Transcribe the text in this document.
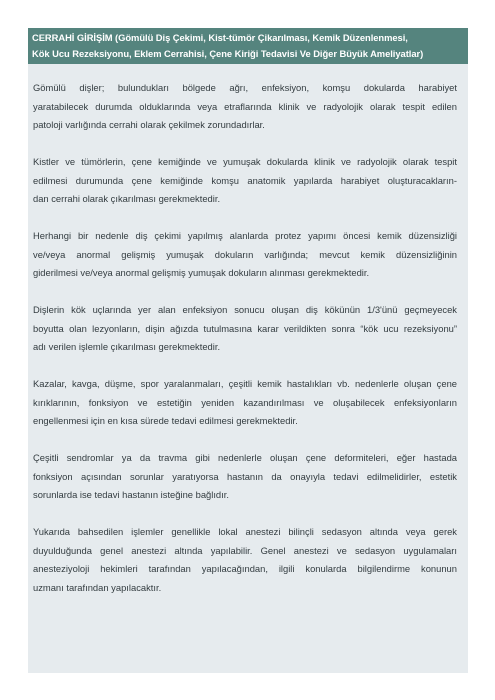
CERRAHİ GİRİŞİM (Gömülü Diş Çekimi, Kist-tümör Çikarılması, Kemik Düzenlenmesi,
Kök Ucu Rezeksiyonu, Eklem Cerrahisi, Çene Kiriği Tedavisi Ve Diğer Büyük Ameliyatlar)

Gömülü dişler; bulundukları bölgede ağrı, enfeksiyon, komşu dokularda harabiyet
yaratabilecek durumda olduklarında veya etraflarında klinik ve radyolojik olarak tespit edilen
patoloji varlığında cerrahi olarak çekilmek zorundadırlar.

Kistler ve tümörlerin, çene kemiğinde ve yumuşak dokularda klinik ve radyolojik olarak tespit
edilmesi durumunda çene kemiğinde komşu anatomik yapılarda harabiyet oluşturacakların-
dan cerrahi olarak çıkarılması gerekmektedir.

Herhangi bir nedenle diş çekimi yapılmış alanlarda protez yapımı öncesi kemik düzensizliği
ve/veya anormal gelişmiş yumuşak dokuların varlığında; mevcut kemik düzensizliğinin
giderilmesi ve/veya anormal gelişmiş yumuşak dokuların alınması gerekmektedir.

Dişlerin kök uçlarında yer alan enfeksiyon sonucu oluşan diş kökünün 1/3'ünü geçmeyecek
boyutta olan lezyonların, dişin ağızda tutulmasına karar verildikten sonra “kök ucu rezeksiyonu”
adı verilen işlemle çıkarılması gerekmektedir.

Kazalar, kavga, düşme, spor yaralanmaları, çeşitli kemik hastalıkları vb. nedenlerle oluşan çene
kırıklarının, fonksiyon ve estetiğin yeniden kazandırılması ve oluşabilecek enfeksiyonların
engellenmesi için en kısa sürede tedavi edilmesi gerekmektedir.

Çeşitli sendromlar ya da travma gibi nedenlerle oluşan çene deformiteleri, eğer hastada
fonksiyon açısından sorunlar yaratıyorsa hastanın da onayıyla tedavi edilmelidirler, estetik
sorunlarda ise tedavi hastanın isteğine bağlıdır.

Yukarıda bahsedilen işlemler genellikle lokal anestezi bilinçli sedasyon altında veya gerek
duyulduğunda genel anestezi altında yapılabilir. Genel anestezi ve sedasyon uygulamaları
anesteziyoloji hekimleri tarafından yapılacağından, ilgili konularda bilgilendirme konunun
uzmanı tarafından yapılacaktır.
